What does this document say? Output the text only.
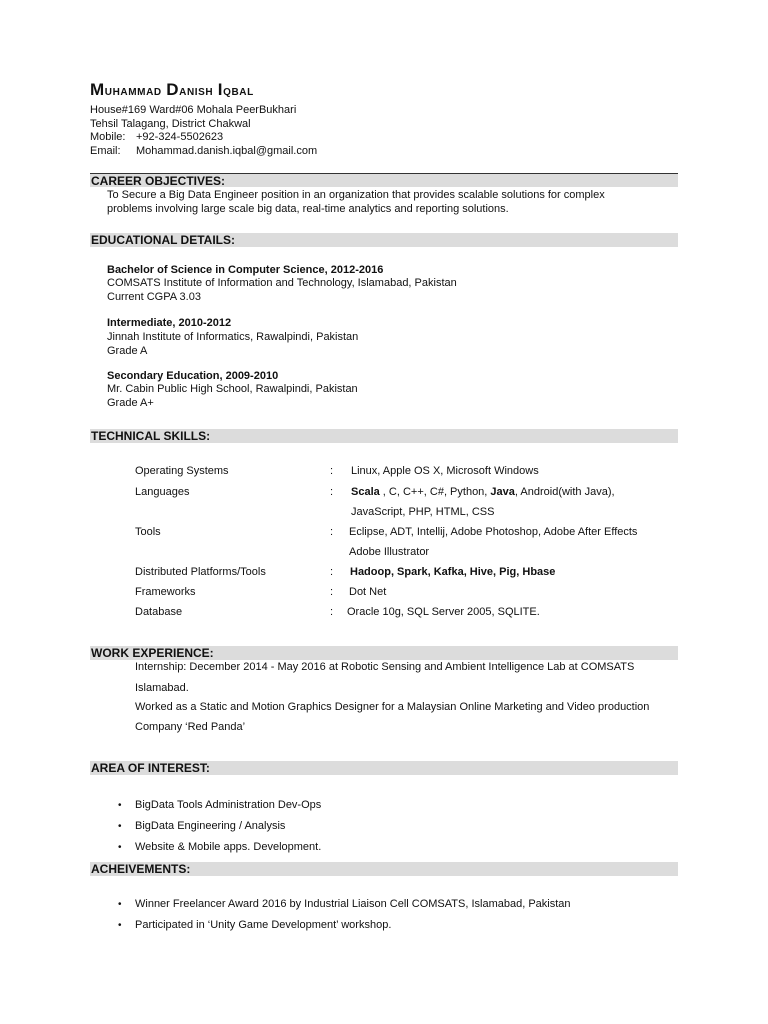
Muhammad Danish Iqbal
House#169 Ward#06 Mohala PeerBukhari
Tehsil Talagang, District Chakwal
Mobile: +92-324-5502623
Email: Mohammad.danish.iqbal@gmail.com
CAREER OBJECTIVES:
To Secure a Big Data Engineer position in an organization that provides scalable solutions for complex
problems involving large scale big data, real-time analytics and reporting solutions.
EDUCATIONAL DETAILS:
Bachelor of Science in Computer Science, 2012-2016
COMSATS Institute of Information and Technology, Islamabad, Pakistan
Current CGPA 3.03
Intermediate, 2010-2012
Jinnah Institute of Informatics, Rawalpindi, Pakistan
Grade A
Secondary Education, 2009-2010
Mr. Cabin Public High School, Rawalpindi, Pakistan
Grade A+
TECHNICAL SKILLS:
Operating Systems	: Linux, Apple OS X, Microsoft Windows
Languages	: Scala , C, C++, C#, Python, Java, Android(with Java),
JavaScript, PHP, HTML, CSS
Tools	: Eclipse, ADT, Intellij, Adobe Photoshop, Adobe After Effects
Adobe Illustrator
Distributed Platforms/Tools	: Hadoop, Spark, Kafka, Hive, Pig, Hbase
Frameworks	: Dot Net
Database	: Oracle 10g, SQL Server 2005, SQLITE.
WORK EXPERIENCE:
Internship: December 2014 - May 2016 at Robotic Sensing and Ambient Intelligence Lab at COMSATS
Islamabad.
Worked as a Static and Motion Graphics Designer for a Malaysian Online Marketing and Video production
Company ‘Red Panda’
AREA OF INTEREST:
• BigData Tools Administration Dev-Ops
• BigData Engineering / Analysis
• Website & Mobile apps. Development.
ACHEIVEMENTS:
• Winner Freelancer Award 2016 by Industrial Liaison Cell COMSATS, Islamabad, Pakistan
• Participated in ‘Unity Game Development’ workshop.
